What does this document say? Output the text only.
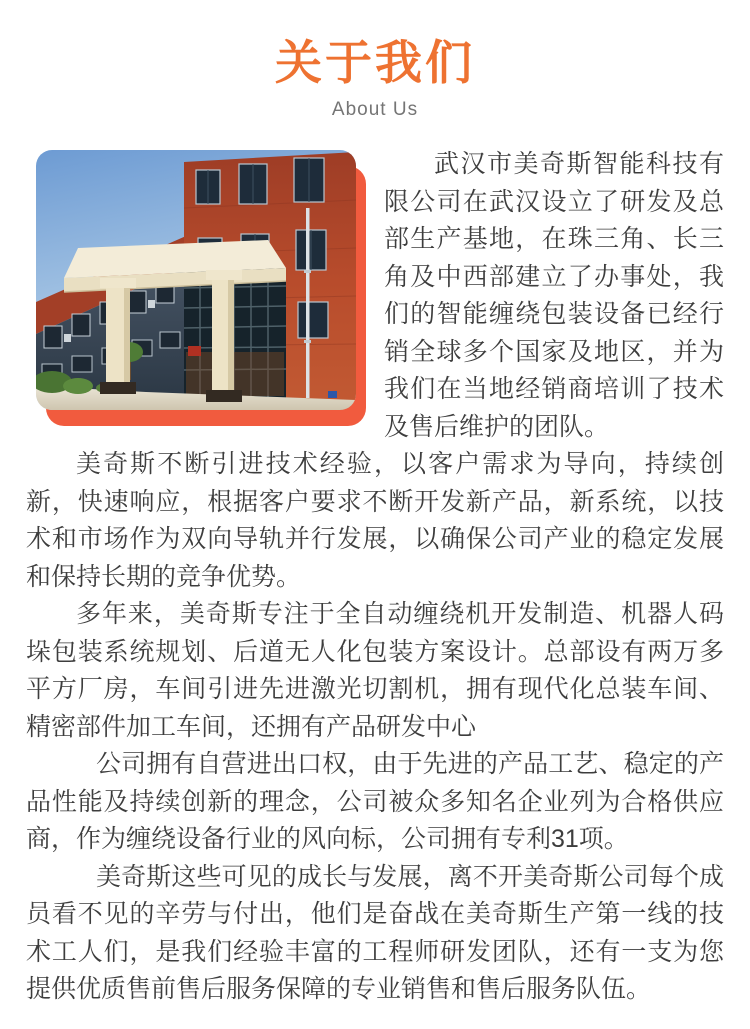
关于我们
About Us

武汉市美奇斯智能科技有限公司在武汉设立了研发及总部生产基地，在珠三角、长三角及中西部建立了办事处，我们的智能缠绕包装设备已经行销全球多个国家及地区，并为我们在当地经销商培训了技术及售后维护的团队。

美奇斯不断引进技术经验，以客户需求为导向，持续创新，快速响应，根据客户要求不断开发新产品，新系统，以技术和市场作为双向导轨并行发展，以确保公司产业的稳定发展和保持长期的竞争优势。

多年来，美奇斯专注于全自动缠绕机开发制造、机器人码垛包装系统规划、后道无人化包装方案设计。总部设有两万多平方厂房，车间引进先进激光切割机，拥有现代化总装车间、精密部件加工车间，还拥有产品研发中心

公司拥有自营进出口权，由于先进的产品工艺、稳定的产品性能及持续创新的理念，公司被众多知名企业列为合格供应商，作为缠绕设备行业的风向标，公司拥有专利31项。

美奇斯这些可见的成长与发展，离不开美奇斯公司每个成员看不见的辛劳与付出，他们是奋战在美奇斯生产第一线的技术工人们，是我们经验丰富的工程师研发团队，还有一支为您提供优质售前售后服务保障的专业销售和售后服务队伍。
